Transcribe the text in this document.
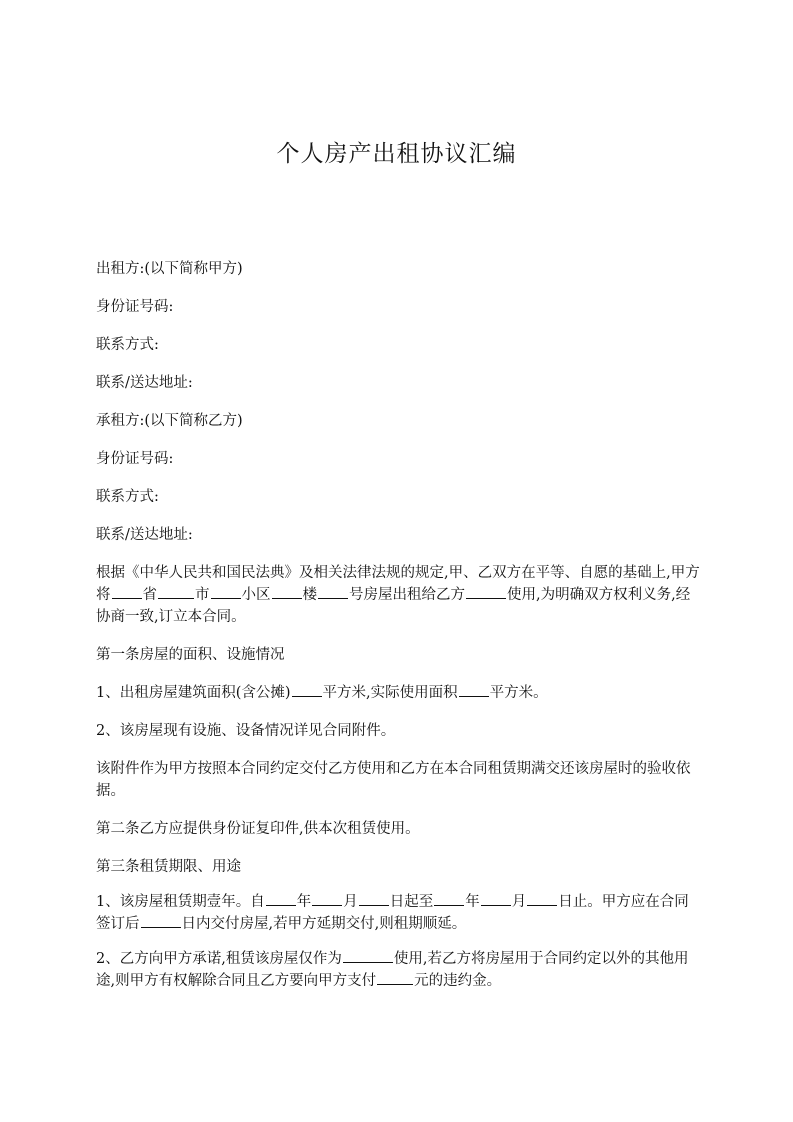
个人房产出租协议汇编

出租方:(以下简称甲方)

身份证号码:

联系方式:

联系/送达地址:

承租方:(以下简称乙方)

身份证号码:

联系方式:

联系/送达地址:

根据《中华人民共和国民法典》及相关法律法规的规定,甲、乙双方在平等、自愿的基础上,甲方将 省	市 小区 楼 号房屋出租给乙方	使用,为明确双方权利义务,经协商一致,订立本合同。

第一条房屋的面积、设施情况

1、出租房屋建筑面积(含公摊) 平方米,实际使用面积 平方米。

2、该房屋现有设施、设备情况详见合同附件。

该附件作为甲方按照本合同约定交付乙方使用和乙方在本合同租赁期满交还该房屋时的验收依据。

第二条乙方应提供身份证复印件,供本次租赁使用。

第三条租赁期限、用途

1、该房屋租赁期壹年。自 年 月 日起至 年 月 日止。甲方应在合同签订后	日内交付房屋,若甲方延期交付,则租期顺延。

2、乙方向甲方承诺,租赁该房屋仅作为	使用,若乙方将房屋用于合同约定以外的其他用途,则甲方有权解除合同且乙方要向甲方支付	元的违约金。
